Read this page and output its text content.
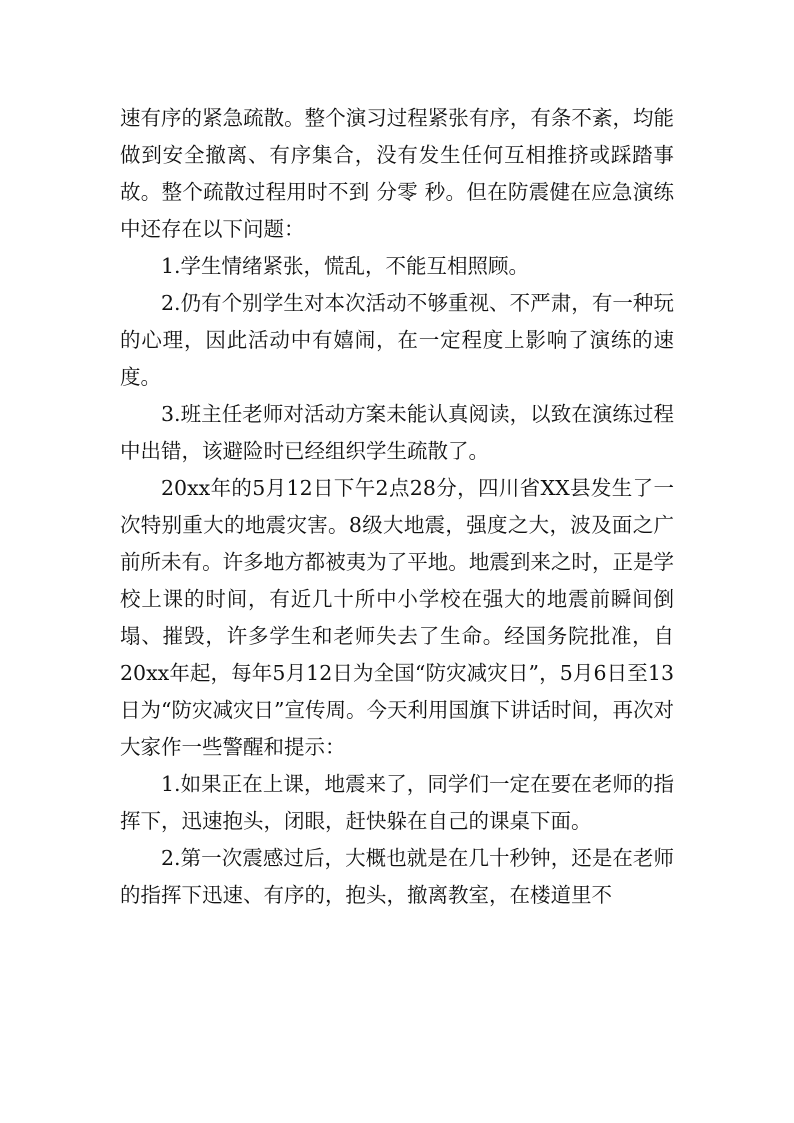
速有序的紧急疏散。整个演习过程紧张有序，有条不紊，均能做到安全撤离、有序集合，没有发生任何互相推挤或踩踏事故。整个疏散过程用时不到 分零 秒。但在防震健在应急演练中还存在以下问题：

1.学生情绪紧张，慌乱，不能互相照顾。

2.仍有个别学生对本次活动不够重视、不严肃，有一种玩的心理，因此活动中有嬉闹，在一定程度上影响了演练的速度。

3.班主任老师对活动方案未能认真阅读，以致在演练过程中出错，该避险时已经组织学生疏散了。

20xx年的5月12日下午2点28分，四川省XX县发生了一次特别重大的地震灾害。8级大地震，强度之大，波及面之广前所未有。许多地方都被夷为了平地。地震到来之时，正是学校上课的时间，有近几十所中小学校在强大的地震前瞬间倒塌、摧毁，许多学生和老师失去了生命。经国务院批准，自20xx年起，每年5月12日为全国“防灾减灾日”，5月6日至13日为“防灾减灾日”宣传周。今天利用国旗下讲话时间，再次对大家作一些警醒和提示：

1.如果正在上课，地震来了，同学们一定在要在老师的指挥下，迅速抱头，闭眼，赶快躲在自己的课桌下面。

2.第一次震感过后，大概也就是在几十秒钟，还是在老师的指挥下迅速、有序的，抱头，撤离教室，在楼道里不
